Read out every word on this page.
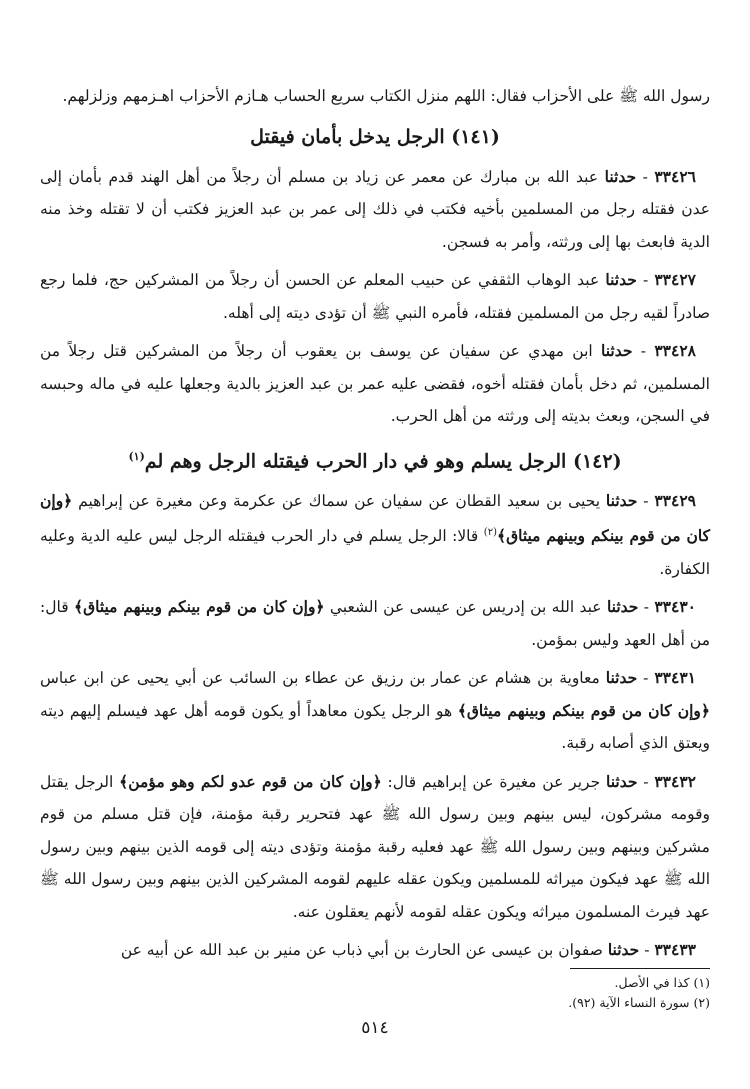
رسول الله ﷺ على الأحزاب فقال: اللهم منزل الكتاب سريع الحساب هـازم الأحزاب اهـزمهم وزلزلهم.

(١٤١) الرجل يدخل بأمان فيقتل

٣٣٤٢٦ - حدثنا عبد الله بن مبارك عن معمر عن زياد بن مسلم أن رجلاً من أهل الهند قدم بأمان إلى عدن فقتله رجل من المسلمين بأخيه فكتب في ذلك إلى عمر بن عبد العزيز فكتب أن لا تقتله وخذ منه الدية فابعث بها إلى ورثته، وأمر به فسجن.

٣٣٤٢٧ - حدثنا عبد الوهاب الثقفي عن حبيب المعلم عن الحسن أن رجلاً من المشركين حج، فلما رجع صادراً لقيه رجل من المسلمين فقتله، فأمره النبي ﷺ أن تؤدى ديته إلى أهله.

٣٣٤٢٨ - حدثنا ابن مهدي عن سفيان عن يوسف بن يعقوب أن رجلاً من المشركين قتل رجلاً من المسلمين، ثم دخل بأمان فقتله أخوه، فقضى عليه عمر بن عبد العزيز بالدية وجعلها عليه في ماله وحبسه في السجن، وبعث بديته إلى ورثته من أهل الحرب.

(١٤٢) الرجل يسلم وهو في دار الحرب فيقتله الرجل وهم لم$^{(١)}$

٣٣٤٢٩ - حدثنا يحيى بن سعيد القطان عن سفيان عن سماك عن عكرمة وعن مغيرة عن إبراهيم ﴿وإن كان من قوم بينكم وبينهم ميثاق﴾$^{(٢)}$ قالا: الرجل يسلم في دار الحرب فيقتله الرجل ليس عليه الدية وعليه الكفارة.

٣٣٤٣٠ - حدثنا عبد الله بن إدريس عن عيسى عن الشعبي ﴿وإن كان من قوم بينكم وبينهم ميثاق﴾ قال: من أهل العهد وليس بمؤمن.

٣٣٤٣١ - حدثنا معاوية بن هشام عن عمار بن رزيق عن عطاء بن السائب عن أبي يحيى عن ابن عباس ﴿وإن كان من قوم بينكم وبينهم ميثاق﴾ هو الرجل يكون معاهداً أو يكون قومه أهل عهد فيسلم إليهم ديته ويعتق الذي أصابه رقبة.

٣٣٤٣٢ - حدثنا جرير عن مغيرة عن إبراهيم قال: ﴿وإن كان من قوم عدو لكم وهو مؤمن﴾ الرجل يقتل وقومه مشركون، ليس بينهم وبين رسول الله ﷺ عهد فتحرير رقبة مؤمنة، فإن قتل مسلم من قوم مشركين وبينهم وبين رسول الله ﷺ عهد فعليه رقبة مؤمنة وتؤدى ديته إلى قومه الذين بينهم وبين رسول الله ﷺ عهد فيكون ميراثه للمسلمين ويكون عقله عليهم لقومه المشركين الذين بينهم وبين رسول الله ﷺ عهد فيرث المسلمون ميراثه ويكون عقله لقومه لأنهم يعقلون عنه.

٣٣٤٣٣ - حدثنا صفوان بن عيسى عن الحارث بن أبي ذباب عن منير بن عبد الله عن أبيه عن

(١) كذا في الأصل.

(٢) سورة النساء الآية (٩٢).

٥١٤
